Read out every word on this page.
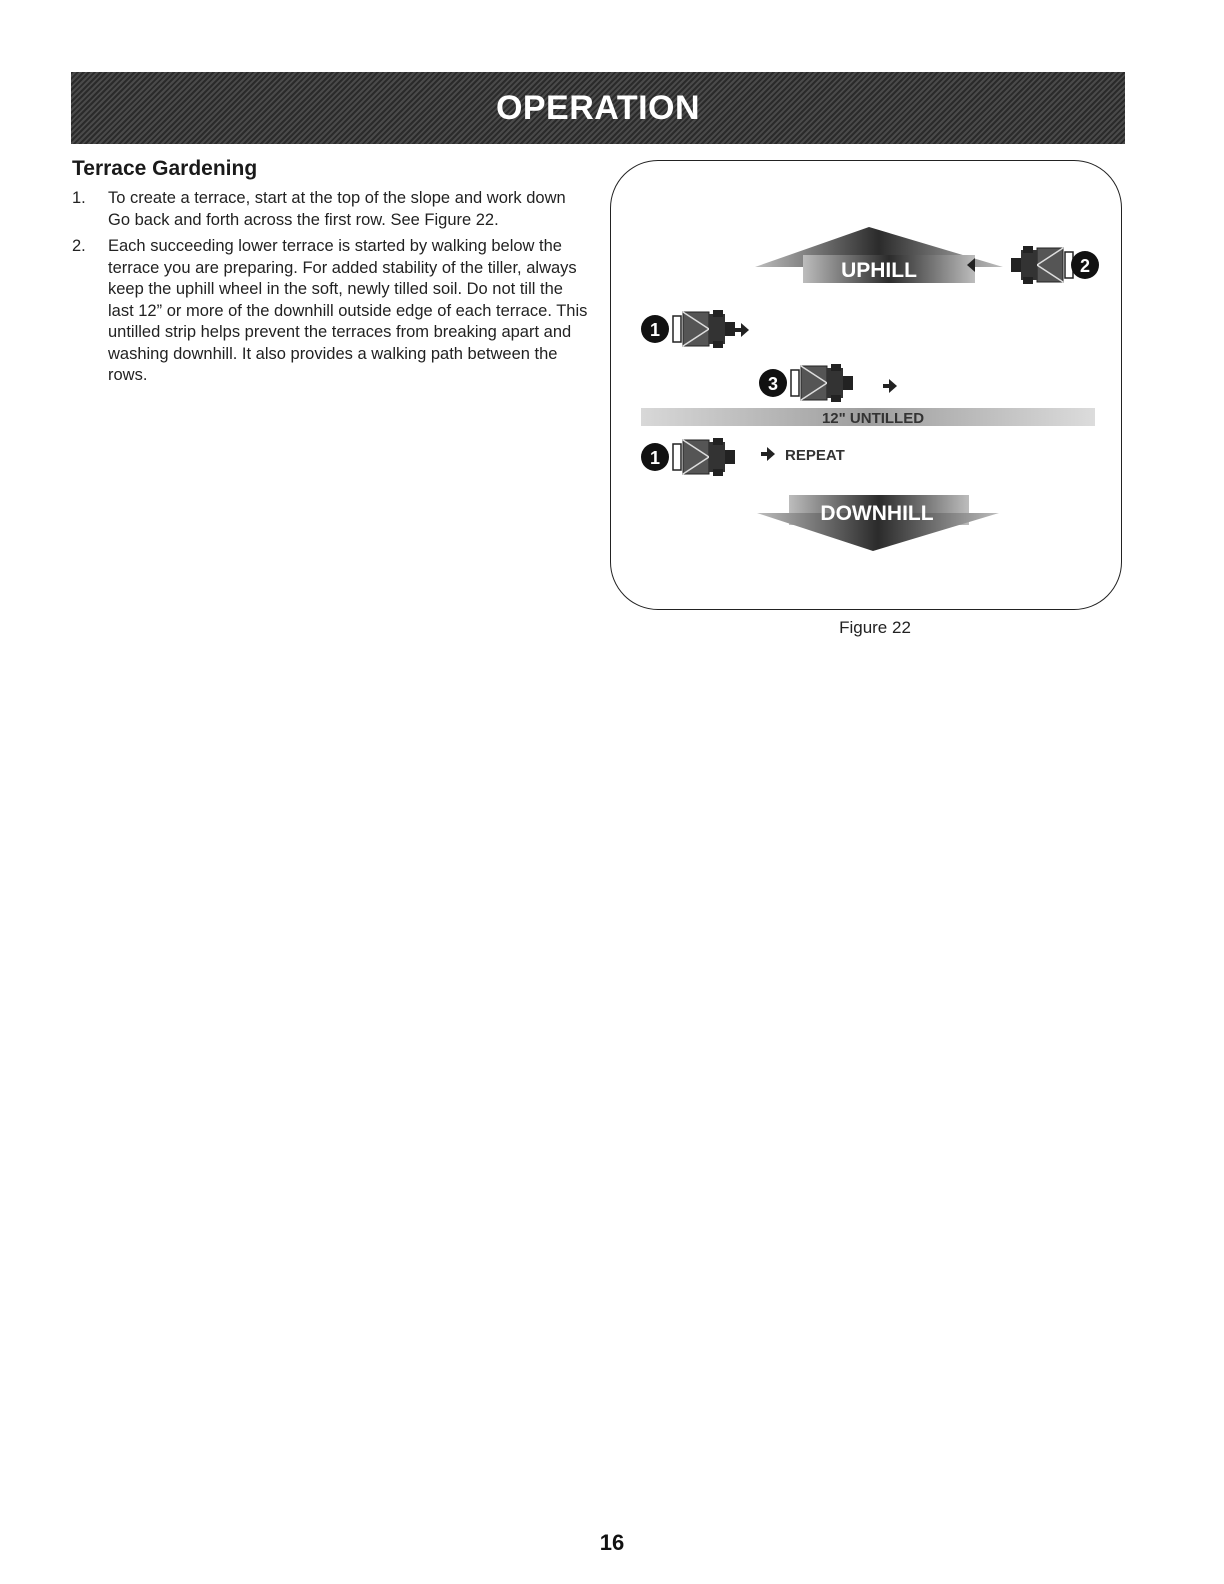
OPERATION
Terrace Gardening
1.	To create a terrace, start at the top of the slope and work down Go back and forth across the first row. See Figure 22.
2.	Each succeeding lower terrace is started by walking below the terrace you are preparing. For added stability of the tiller, always keep the uphill wheel in the soft, newly tilled soil. Do not till the last 12” or more of the downhill outside edge of each terrace. This untilled strip helps prevent the terraces from breaking apart and washing downhill. It also provides a walking path between the rows.
UPHILL
1
2
3
12" UNTILLED
1	REPEAT
DOWNHILL
Figure 22
16
